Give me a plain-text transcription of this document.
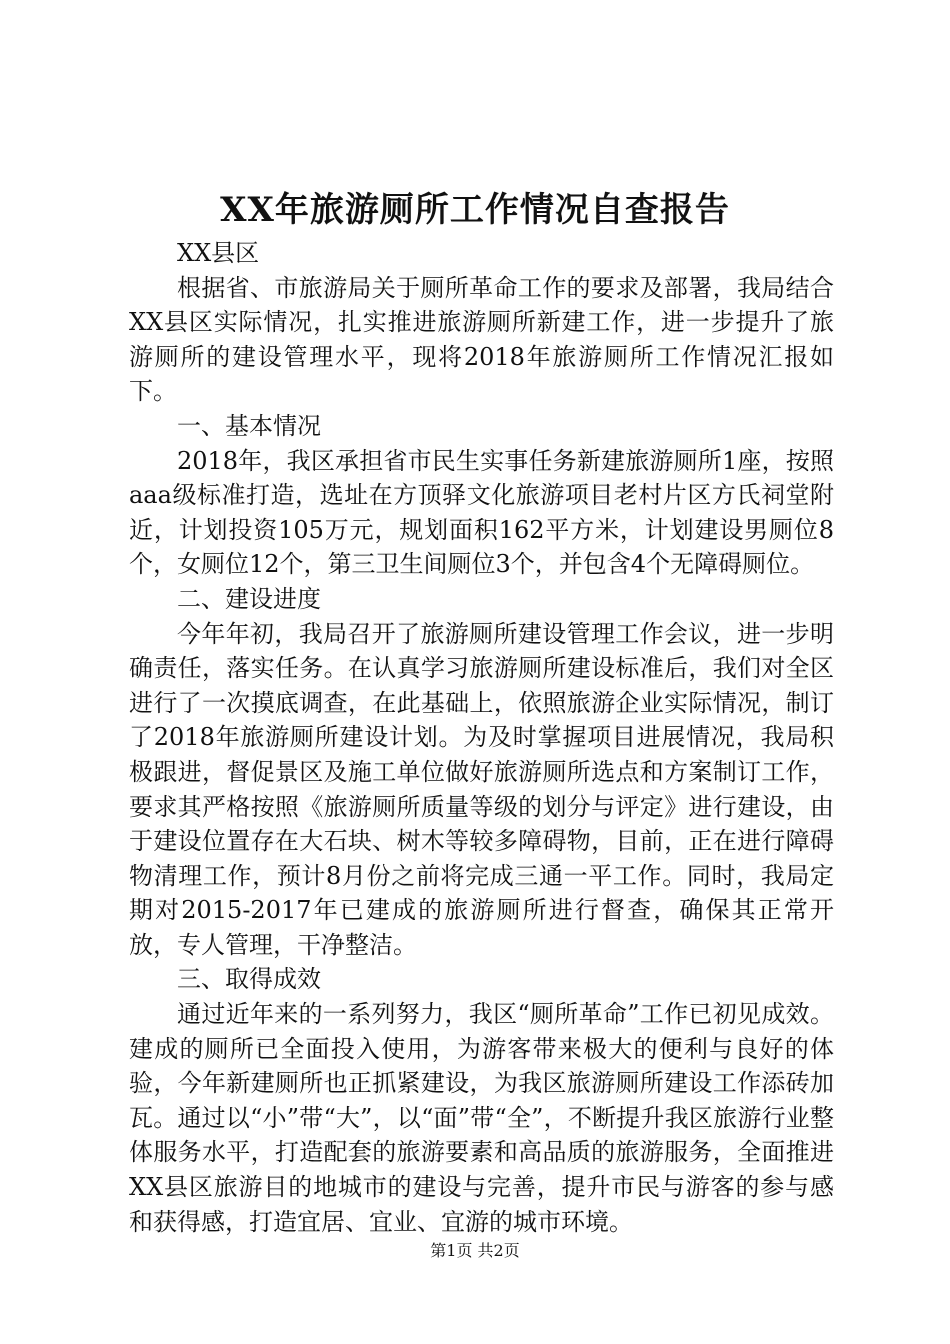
XX年旅游厕所工作情况自查报告

XX县区

根据省、市旅游局关于厕所革命工作的要求及部署，我局结合XX县区实际情况，扎实推进旅游厕所新建工作，进一步提升了旅游厕所的建设管理水平，现将2018年旅游厕所工作情况汇报如下。

一、基本情况

2018年，我区承担省市民生实事任务新建旅游厕所1座，按照aaa级标准打造，选址在方顶驿文化旅游项目老村片区方氏祠堂附近，计划投资105万元，规划面积162平方米，计划建设男厕位8个，女厕位12个，第三卫生间厕位3个，并包含4个无障碍厕位。

二、建设进度

今年年初，我局召开了旅游厕所建设管理工作会议，进一步明确责任，落实任务。在认真学习旅游厕所建设标准后，我们对全区进行了一次摸底调查，在此基础上，依照旅游企业实际情况，制订了2018年旅游厕所建设计划。为及时掌握项目进展情况，我局积极跟进，督促景区及施工单位做好旅游厕所选点和方案制订工作，要求其严格按照《旅游厕所质量等级的划分与评定》进行建设，由于建设位置存在大石块、树木等较多障碍物，目前，正在进行障碍物清理工作，预计8月份之前将完成三通一平工作。同时，我局定期对2015-2017年已建成的旅游厕所进行督查，确保其正常开放，专人管理，干净整洁。

三、取得成效

通过近年来的一系列努力，我区“厕所革命”工作已初见成效。建成的厕所已全面投入使用，为游客带来极大的便利与良好的体验，今年新建厕所也正抓紧建设，为我区旅游厕所建设工作添砖加瓦。通过以“小”带“大”，以“面”带“全”，不断提升我区旅游行业整体服务水平，打造配套的旅游要素和高品质的旅游服务，全面推进XX县区旅游目的地城市的建设与完善，提升市民与游客的参与感和获得感，打造宜居、宜业、宜游的城市环境。

第1页 共2页
